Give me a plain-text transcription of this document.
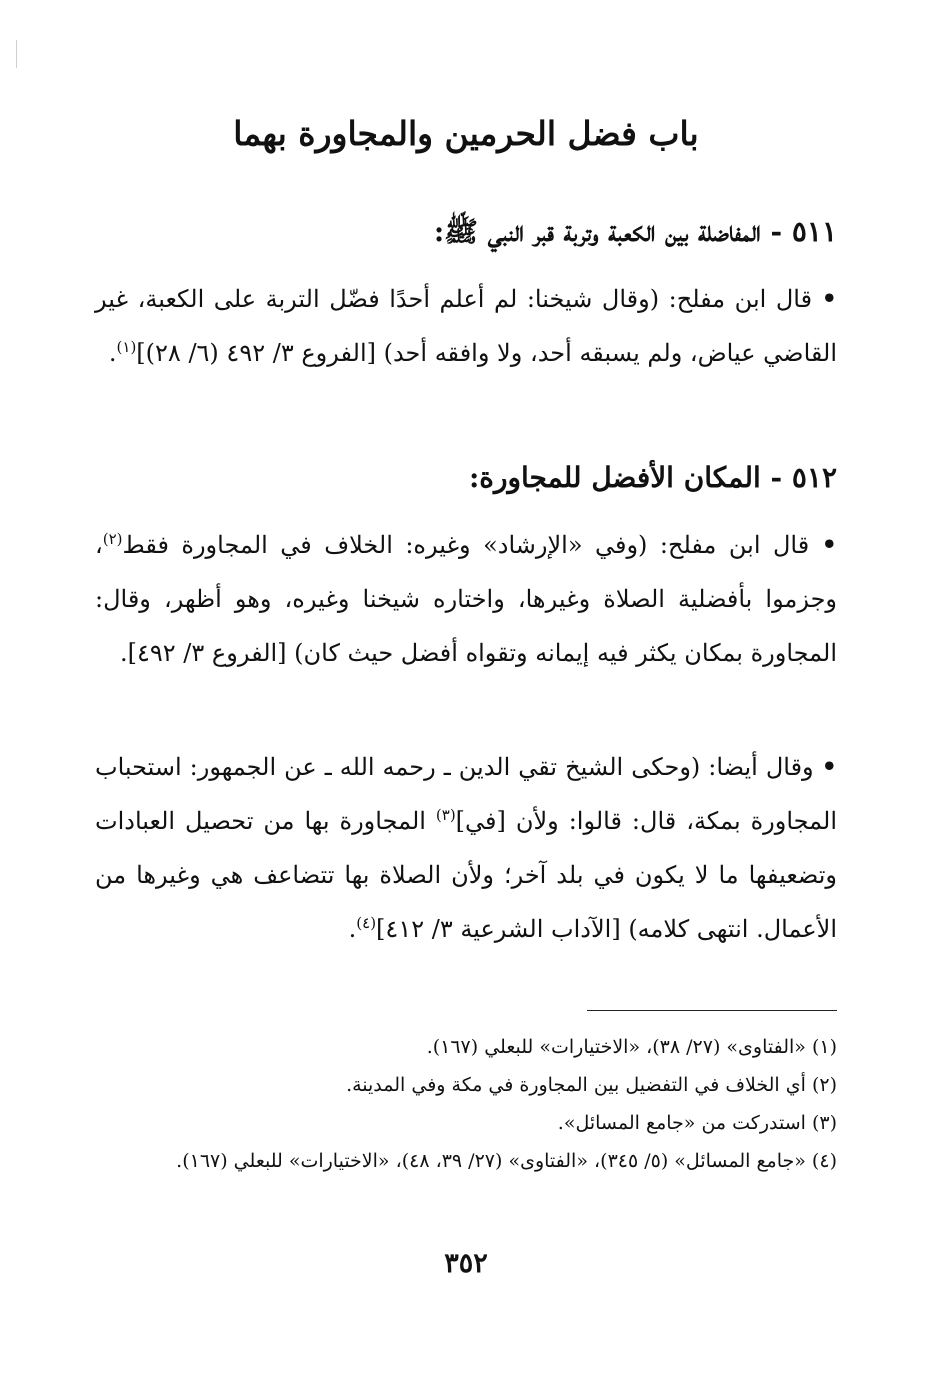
باب فضل الحرمين والمجاورة بهما
٥١١ - المفاضلة بين الكعبة وتربة قبر النبي ﷺ:

• قال ابن مفلح: (وقال شيخنا: لم أعلم أحدًا فضّل التربة على الكعبة، غير القاضي عياض، ولم يسبقه أحد، ولا وافقه أحد) [الفروع ٣/ ٤٩٢ (٦/ ٢٨)]$^{(١)}$.

٥١٢ - المكان الأفضل للمجاورة:

• قال ابن مفلح: (وفي «الإرشاد» وغيره: الخلاف في المجاورة فقط$^{(٢)}$، وجزموا بأفضلية الصلاة وغيرها، واختاره شيخنا وغيره، وهو أظهر، وقال: المجاورة بمكان يكثر فيه إيمانه وتقواه أفضل حيث كان) [الفروع ٣/ ٤٩٢].

• وقال أيضا: (وحكى الشيخ تقي الدين ـ رحمه الله ـ عن الجمهور: استحباب المجاورة بمكة، قال: قالوا: ولأن [في]$^{(٣)}$ المجاورة بها من تحصيل العبادات وتضعيفها ما لا يكون في بلد آخر؛ ولأن الصلاة بها تتضاعف هي وغيرها من الأعمال. انتهى كلامه) [الآداب الشرعية ٣/ ٤١٢]$^{(٤)}$.

(١) «الفتاوى» (٢٧/ ٣٨)، «الاختيارات» للبعلي (١٦٧).
(٢) أي الخلاف في التفضيل بين المجاورة في مكة وفي المدينة.
(٣) استدركت من «جامع المسائل».
(٤) «جامع المسائل» (٥/ ٣٤٥)، «الفتاوى» (٢٧/ ٣٩، ٤٨)، «الاختيارات» للبعلي (١٦٧).
٣٥٢
